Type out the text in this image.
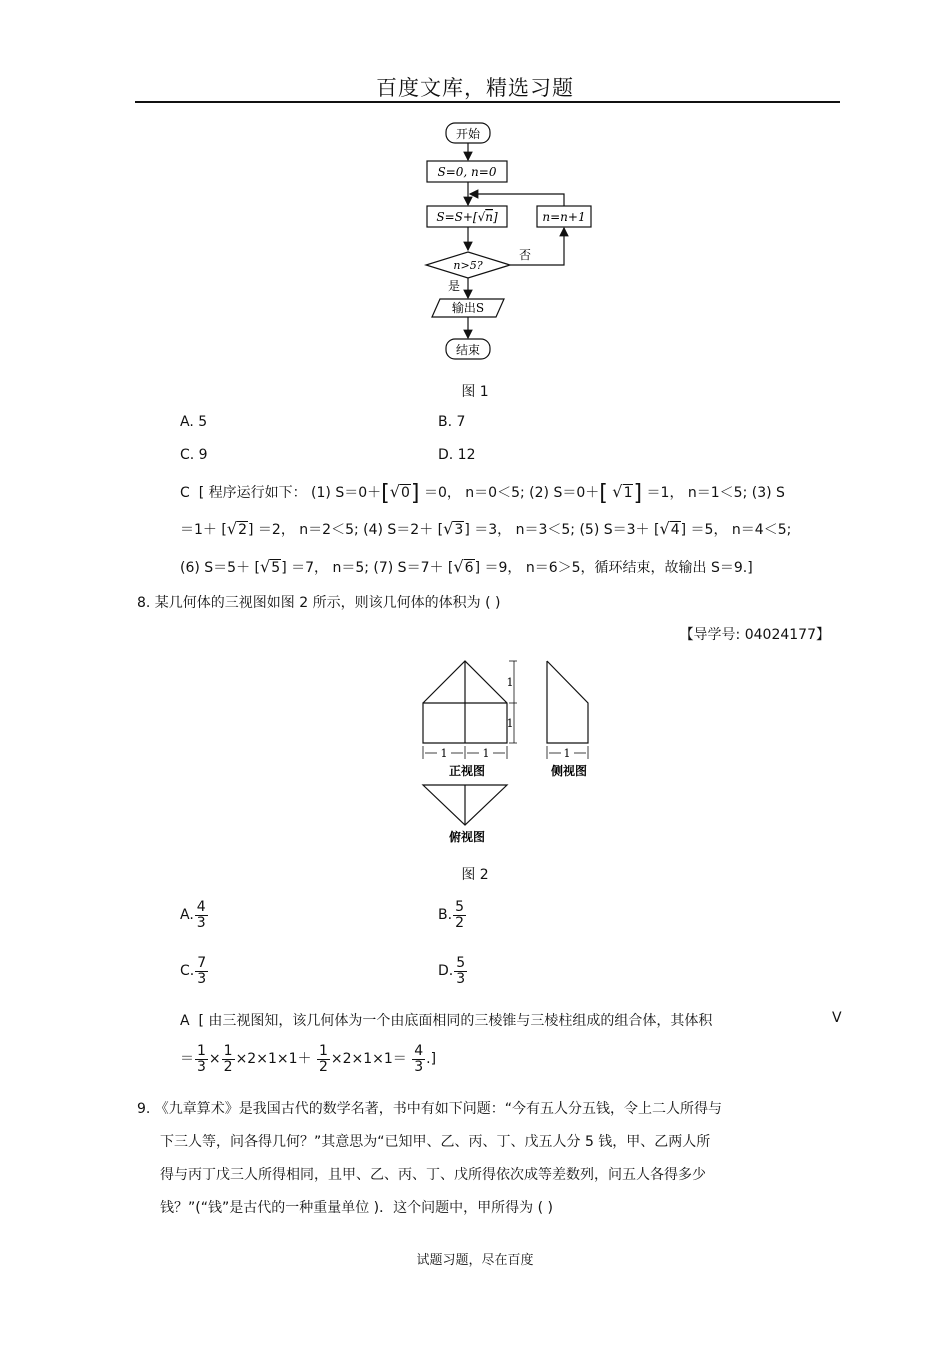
百度文库，精选习题
开始
S=0, n=0
S=S+[√n]	n=n+1
n>5?
否
是
输出S
结束
图 1
A. 5	B. 7
C. 9	D. 12
C [ 程序运行如下： (1) S＝0＋[√0] ＝0， n＝0＜5; (2) S＝0＋[ √1] ＝1， n＝1＜5; (3) S
＝1＋ [√2] ＝2， n＝2＜5; (4) S＝2＋ [√3] ＝3， n＝3＜5; (5) S＝3＋ [√4] ＝5， n＝4＜5;
(6) S＝5＋ [√5] ＝7， n＝5; (7) S＝7＋ [√6] ＝9， n＝6＞5，循环结束，故输出 S＝9.]
8. 某几何体的三视图如图 2 所示，则该几何体的体积为 ( )
【导学号: 04024177】
1
1
1	1	1
正视图	侧视图
俯视图
图 2
A. $\frac{4}{3}$	B. $\frac{5}{2}$
C. $\frac{7}{3}$	D. $\frac{5}{3}$
A [ 由三视图知，该几何体为一个由底面相同的三棱锥与三棱柱组成的组合体，其体积	V
＝ $\frac{1}{3} \times \frac{1}{2} \times 2\times 1\times 1+ \frac{1}{2} \times 2\times 1\times 1= \frac{4}{3}$ .]
9. 《九章算术》是我国古代的数学名著，书中有如下问题：“今有五人分五钱，令上二人所得与
下三人等，问各得几何？”其意思为“已知甲、乙、丙、丁、戊五人分 5 钱，甲、乙两人所
得与丙丁戊三人所得相同，且甲、乙、丙、丁、戊所得依次成等差数列，问五人各得多少
钱？”(“钱”是古代的一种重量单位 )．这个问题中，甲所得为 ( )
试题习题，尽在百度
